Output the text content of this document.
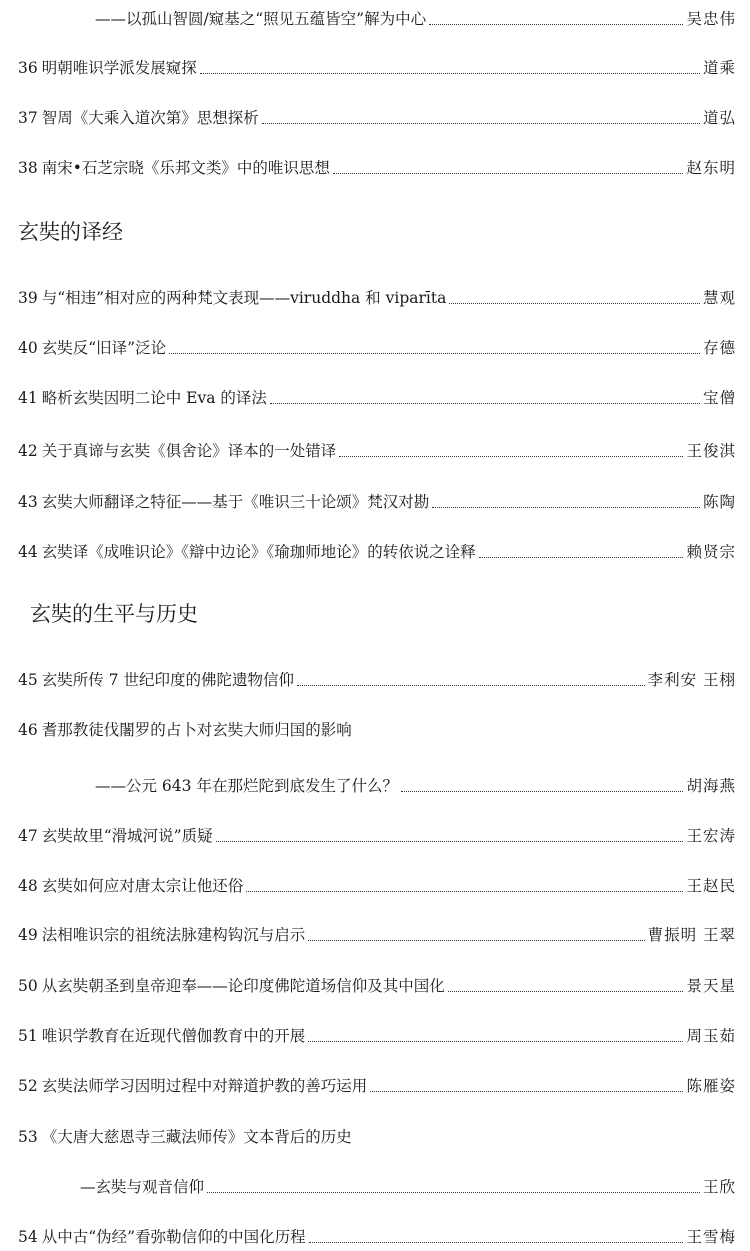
——以孤山智圆/窥基之“照见五蕴皆空”解为中心	吴忠伟
36 明朝唯识学派发展窥探	道乘
37 智周《大乘入道次第》思想探析	道弘
38 南宋•石芝宗晓《乐邦文类》中的唯识思想	赵东明
玄奘的译经
39 与“相违”相对应的两种梵文表现——viruddha 和 viparīta	慧观
40 玄奘反“旧译”泛论	存德
41 略析玄奘因明二论中 Eva 的译法	宝僧
42 关于真谛与玄奘《俱舍论》译本的一处错译	王俊淇
43 玄奘大师翻译之特征——基于《唯识三十论颂》梵汉对勘	陈陶
44 玄奘译《成唯识论》《辯中边论》《瑜珈师地论》的转依说之诠释	赖贤宗
玄奘的生平与历史
45 玄奘所传 7 世纪印度的佛陀遗物信仰	李利安 王栩
46 耆那教徒伐闍罗的占卜对玄奘大师归国的影响
——公元 643 年在那烂陀到底发生了什么？	胡海燕
47 玄奘故里“滑城河说”质疑	王宏涛
48 玄奘如何应对唐太宗让他还俗	王赵民
49 法相唯识宗的祖统法脉建构钩沉与启示	曹振明 王翠
50 从玄奘朝圣到皇帝迎奉——论印度佛陀道场信仰及其中国化	景天星
51 唯识学教育在近现代僧伽教育中的开展	周玉茹
52 玄奘法师学习因明过程中对辩道护教的善巧运用	陈雁姿
53 《大唐大慈恩寺三藏法师传》文本背后的历史
—玄奘与观音信仰	王欣
54 从中古“伪经”看弥勒信仰的中国化历程	王雪梅
